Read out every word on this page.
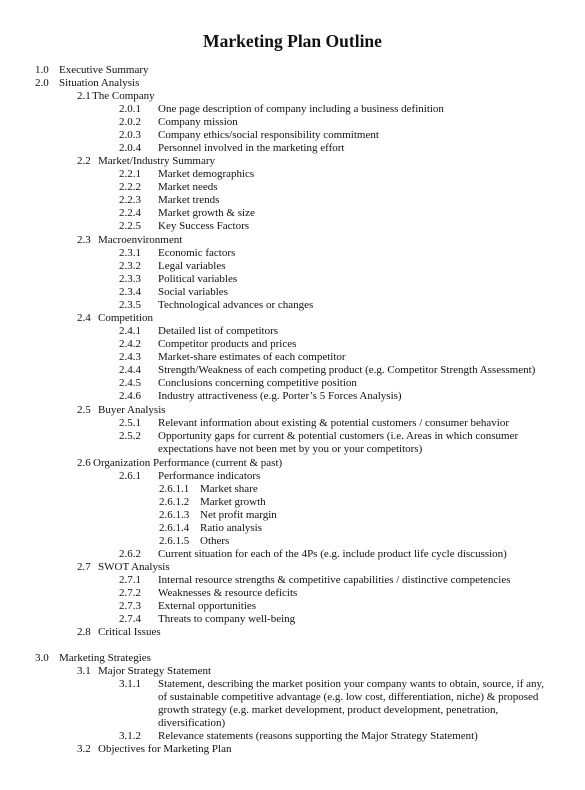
Marketing Plan Outline
1.0 Executive Summary
2.0 Situation Analysis
2.1 The Company
2.0.1 One page description of company including a business definition
2.0.2 Company mission
2.0.3 Company ethics/social responsibility commitment
2.0.4 Personnel involved in the marketing effort
2.2 Market/Industry Summary
2.2.1 Market demographics
2.2.2 Market needs
2.2.3 Market trends
2.2.4 Market growth & size
2.2.5 Key Success Factors
2.3 Macroenvironment
2.3.1 Economic factors
2.3.2 Legal variables
2.3.3 Political variables
2.3.4 Social variables
2.3.5 Technological advances or changes
2.4 Competition
2.4.1 Detailed list of competitors
2.4.2 Competitor products and prices
2.4.3 Market-share estimates of each competitor
2.4.4 Strength/Weakness of each competing product (e.g. Competitor Strength Assessment)
2.4.5 Conclusions concerning competitive position
2.4.6 Industry attractiveness (e.g. Porter’s 5 Forces Analysis)
2.5 Buyer Analysis
2.5.1 Relevant information about existing & potential customers / consumer behavior
2.5.2 Opportunity gaps for current & potential customers (i.e. Areas in which consumer
expectations have not been met by you or your competitors)
2.6 Organization Performance (current & past)
2.6.1 Performance indicators
2.6.1.1 Market share
2.6.1.2 Market growth
2.6.1.3 Net profit margin
2.6.1.4 Ratio analysis
2.6.1.5 Others
2.6.2 Current situation for each of the 4Ps (e.g. include product life cycle discussion)
2.7 SWOT Analysis
2.7.1 Internal resource strengths & competitive capabilities / distinctive competencies
2.7.2 Weaknesses & resource deficits
2.7.3 External opportunities
2.7.4 Threats to company well-being
2.8 Critical Issues
3.0 Marketing Strategies
3.1 Major Strategy Statement
3.1.1 Statement, describing the market position your company wants to obtain, source, if any,
of sustainable competitive advantage (e.g. low cost, differentiation, niche) & proposed
growth strategy (e.g. market development, product development, penetration,
diversification)
3.1.2 Relevance statements (reasons supporting the Major Strategy Statement)
3.2 Objectives for Marketing Plan
